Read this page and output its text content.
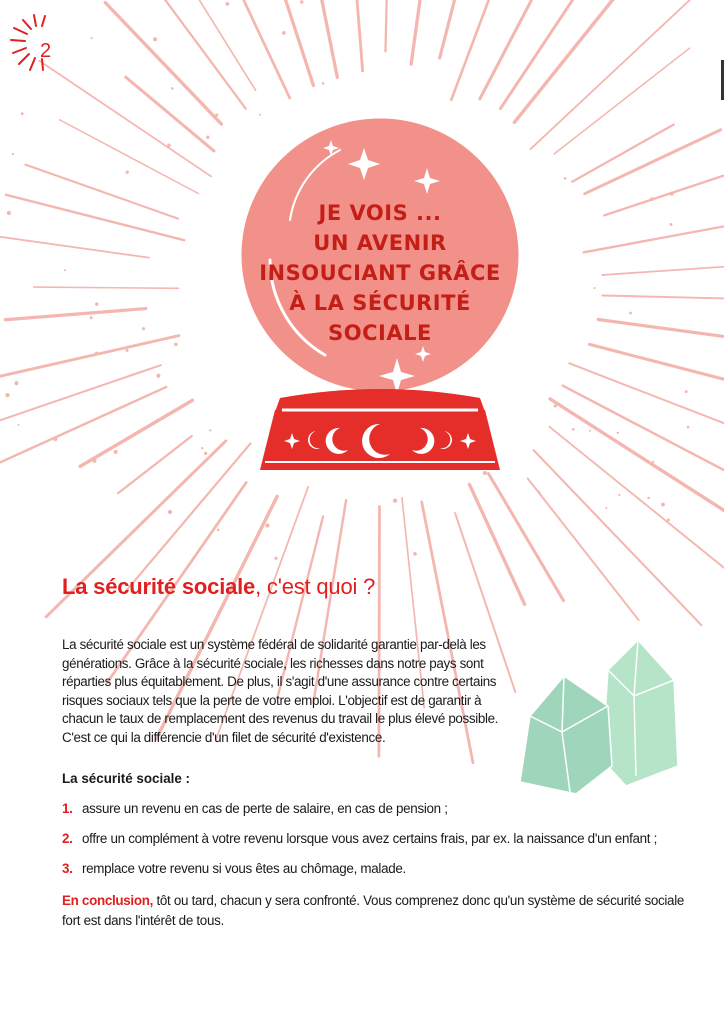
2
JE VOIS ...
UN AVENIR
INSOUCIANT GRÂCE
À LA SÉCURITÉ
SOCIALE
La sécurité sociale, c'est quoi ?

La sécurité sociale est un système fédéral de solidarité garantie par-delà les générations. Grâce à la sécurité sociale, les richesses dans notre pays sont réparties plus équitablement. De plus, il s'agit d'une assurance contre certains risques sociaux tels que la perte de votre emploi. L'objectif est de garantir à chacun le taux de remplacement des revenus du travail le plus élevé possible. C'est ce qui la différencie d'un filet de sécurité d'existence.

La sécurité sociale :

1. assure un revenu en cas de perte de salaire, en cas de pension ;
2. offre un complément à votre revenu lorsque vous avez certains frais, par ex. la naissance d'un enfant ;
3. remplace votre revenu si vous êtes au chômage, malade.

En conclusion, tôt ou tard, chacun y sera confronté. Vous comprenez donc qu'un système de sécurité sociale fort est dans l'intérêt de tous.
